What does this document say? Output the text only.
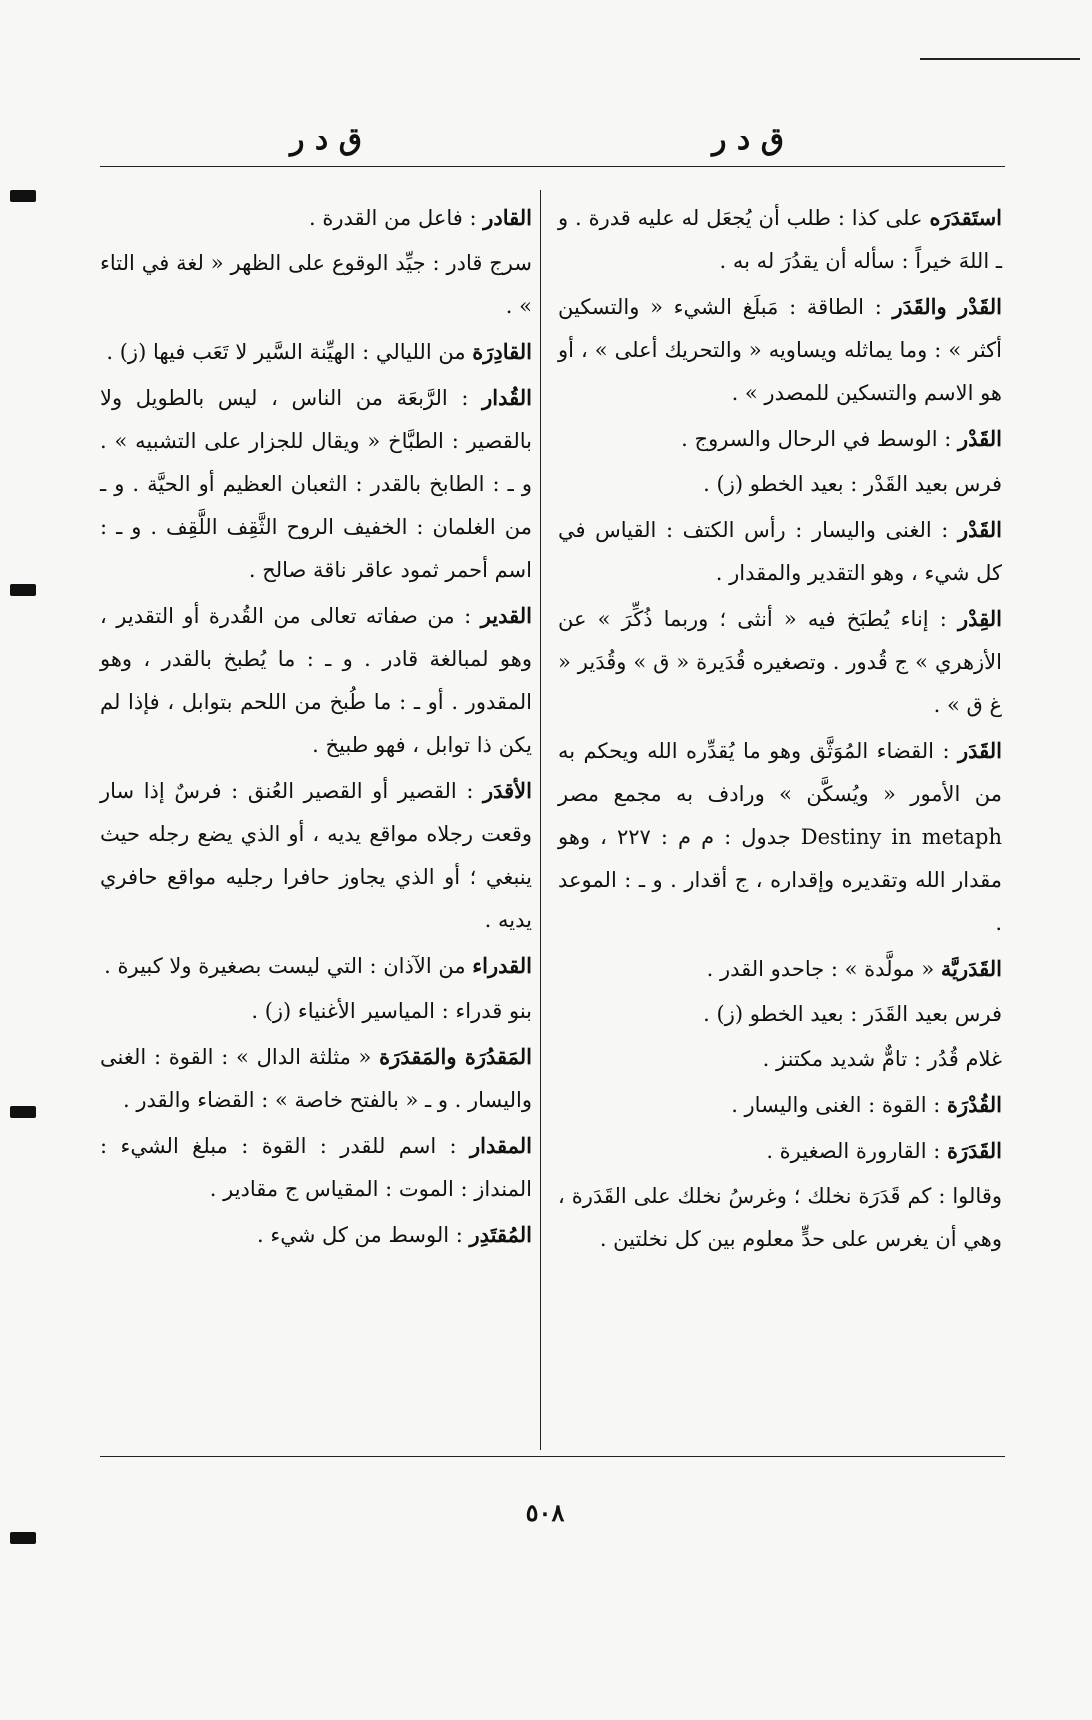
ق د ر	ق د ر
استَقدَرَه على كذا : طلب أن يُجعَل له عليه قدرة . و ـ اللهَ خيراً : سأله أن يقدُرَ له به .
القَدْر والقَدَر : الطاقة : مَبلَغ الشيء « والتسكين أكثر » : وما يماثله ويساويه « والتحريك أعلى » ، أو هو الاسم والتسكين للمصدر » .
القَدْر : الوسط في الرحال والسروج .
فرس بعيد القَدْر : بعيد الخطو (ز) .
القَدْر : الغنى واليسار : رأس الكتف : القياس في كل شيء ، وهو التقدير والمقدار .
القِدْر : إناء يُطبَخ فيه « أنثى ؛ وربما ذُكِّرَ » عن الأزهري » ج قُدور . وتصغيره قُدَيرة « ق » وقُدَير « غ ق » .
القَدَر : القضاء المُوَثَّق وهو ما يُقدِّره الله ويحكم به من الأمور « ويُسكَّن » ورادف به مجمع مصر Destiny in metaph جدول : م م : ٢٢٧ ، وهو مقدار الله وتقديره وإقداره ، ج أقدار . و ـ : الموعد .
القَدَريَّة « مولَّدة » : جاحدو القدر .
فرس بعيد القَدَر : بعيد الخطو (ز) .
غلام قُدُر : تامٌّ شديد مكتنز .
القُدْرَة : القوة : الغنى واليسار .
القَدَرَة : القارورة الصغيرة .
وقالوا : كم قَدَرَة نخلك ؛ وغرسُ نخلك على القَدَرة ، وهي أن يغرس على حدٍّ معلوم بين كل نخلتين .
القادر : فاعل من القدرة .
سرج قادر : جيِّد الوقوع على الظهر « لغة في التاء » .
القادِرَة من الليالي : الهيِّنة السَّير لا تَعَب فيها (ز) .
القُدار : الرَّبعَة من الناس ، ليس بالطويل ولا بالقصير : الطبَّاخ « ويقال للجزار على التشبيه » . و ـ : الطابخ بالقدر : الثعبان العظيم أو الحيَّة . و ـ من الغلمان : الخفيف الروح الثَّقِف اللَّقِف . و ـ : اسم أحمر ثمود عاقر ناقة صالح .
القدير : من صفاته تعالى من القُدرة أو التقدير ، وهو لمبالغة قادر . و ـ : ما يُطبخ بالقدر ، وهو المقدور . أو ـ : ما طُبخ من اللحم بتوابل ، فإذا لم يكن ذا توابل ، فهو طبيخ .
الأقدَر : القصير أو القصير العُنق : فرسٌ إذا سار وقعت رجلاه مواقع يديه ، أو الذي يضع رجله حيث ينبغي ؛ أو الذي يجاوز حافرا رجليه مواقع حافري يديه .
القدراء من الآذان : التي ليست بصغيرة ولا كبيرة .
بنو قدراء : المياسير الأغنياء (ز) .
المَقدُرَة والمَقدَرَة « مثلثة الدال » : القوة : الغنى واليسار . و ـ « بالفتح خاصة » : القضاء والقدر .
المقدار : اسم للقدر : القوة : مبلغ الشيء : المنداز : الموت : المقياس ج مقادير .
المُقتَدِر : الوسط من كل شيء .
٥٠٨
